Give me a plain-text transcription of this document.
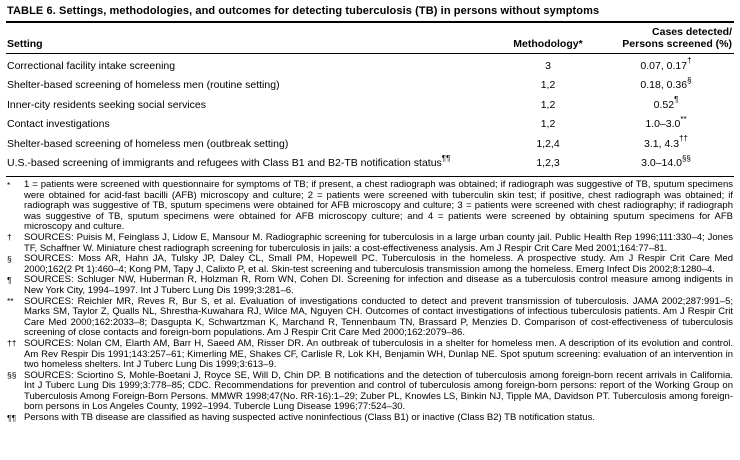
TABLE 6. Settings, methodologies, and outcomes for detecting tuberculosis (TB) in persons without symptoms
Setting	Methodology*
Cases detected/
Persons screened (%)
Correctional facility intake screening	3	0.07, 0.17†
Shelter-based screening of homeless men (routine setting)	1,2	0.18, 0.36§
Inner-city residents seeking social services	1,2	0.52¶
Contact investigations	1,2	1.0–3.0**
Shelter-based screening of homeless men (outbreak setting)	1,2,4	3.1, 4.3††
U.S.-based screening of immigrants and refugees with Class B1 and B2-TB notification status¶¶	1,2,3	3.0–14.0§§
*	1 = patients were screened with questionnaire for symptoms of TB; if present, a chest radiograph was obtained; if radiograph was suggestive of TB, sputum specimens were obtained for acid-fast bacilli (AFB) microscopy and culture; 2 = patients were screened with tuberculin skin test; if positive, chest radiograph was obtained; if radiograph was suggestive of TB, sputum specimens were obtained for AFB microscopy and culture; 3 = patients were screened with chest radiography; if radiograph was suggestive of TB, sputum specimens were obtained for AFB microscopy culture; and 4 = patients were screened by obtaining sputum specimens for AFB microscopy and culture.
†	SOURCES: Puisis M, Feinglass J, Lidow E, Mansour M. Radiographic screening for tuberculosis in a large urban county jail. Public Health Rep 1996;111:330–4; Jones TF, Schaffner W. Miniature chest radiograph screening for tuberculosis in jails: a cost-effectiveness analysis. Am J Respir Crit Care Med 2001;164:77–81.
§	SOURCES: Moss AR, Hahn JA, Tulsky JP, Daley CL, Small PM, Hopewell PC. Tuberculosis in the homeless. A prospective study. Am J Respir Crit Care Med 2000;162(2 Pt 1):460–4; Kong PM, Tapy J, Calixto P, et al. Skin-test screening and tuberculosis transmission among the homeless. Emerg Infect Dis 2002;8:1280–4.
¶	SOURCES: Schluger NW, Huberman R, Holzman R, Rom WN, Cohen DI. Screening for infection and disease as a tuberculosis control measure among indigents in New York City, 1994–1997. Int J Tuberc Lung Dis 1999;3:281–6.
**	SOURCES: Reichler MR, Reves R, Bur S, et al. Evaluation of investigations conducted to detect and prevent transmission of tuberculosis. JAMA 2002;287:991–5; Marks SM, Taylor Z, Qualls NL, Shrestha-Kuwahara RJ, Wilce MA, Nguyen CH. Outcomes of contact investigations of infectious tuberculosis patients. Am J Respir Crit Care Med 2000;162:2033–8; Dasgupta K, Schwartzman K, Marchand R, Tennenbaum TN, Brassard P, Menzies D. Comparison of cost-effectiveness of tuberculosis screening of close contacts and foreign-born populations. Am J Respir Crit Care Med 2000;162:2079–86.
†† SOURCES: Nolan CM, Elarth AM, Barr H, Saeed AM, Risser DR. An outbreak of tuberculosis in a shelter for homeless men. A description of its evolution and control. Am Rev Respir Dis 1991;143:257–61; Kimerling ME, Shakes CF, Carlisle R, Lok KH, Benjamin WH, Dunlap NE. Spot sputum screening: evaluation of an intervention in two homeless shelters. Int J Tuberc Lung Dis 1999;3:613–9.
§§ SOURCES: Sciortino S, Mohle-Boetani J, Royce SE, Will D, Chin DP. B notifications and the detection of tuberculosis among foreign-born recent arrivals in California. Int J Tuberc Lung Dis 1999;3:778–85; CDC. Recommendations for prevention and control of tuberculosis among foreign-born persons: report of the Working Group on Tuberculosis Among Foreign-Born Persons. MMWR 1998;47(No. RR-16):1–29; Zuber PL, Knowles LS, Binkin NJ, Tipple MA, Davidson PT. Tuberculosis among foreign-born persons in Los Angeles County, 1992–1994. Tubercle Lung Disease 1996;77:524–30.
¶¶ Persons with TB disease are classified as having suspected active noninfectious (Class B1) or inactive (Class B2) TB notification status.
